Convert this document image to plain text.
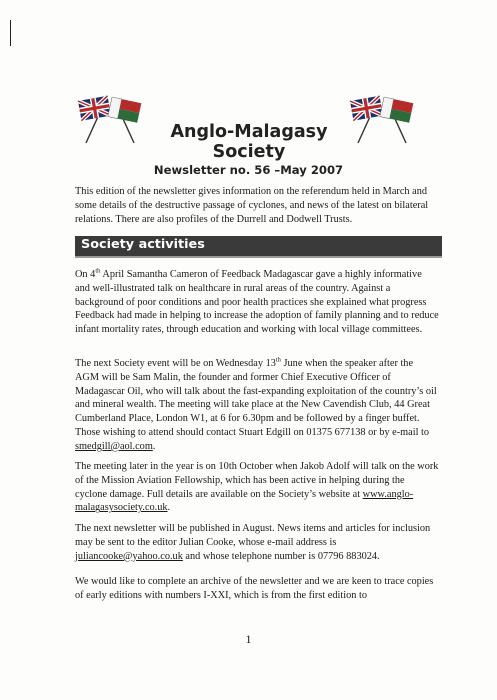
Anglo-Malagasy Society
Newsletter no. 56 –May 2007

This edition of the newsletter gives information on the referendum held in March and some details of the destructive passage of cyclones, and news of the latest on bilateral relations. There are also profiles of the Durrell and Dodwell Trusts.

Society activities

On 4th April Samantha Cameron of Feedback Madagascar gave a highly informative and well-illustrated talk on healthcare in rural areas of the country. Against a background of poor conditions and poor health practices she explained what progress Feedback had made in helping to increase the adoption of family planning and to reduce infant mortality rates, through education and working with local village committees.

The next Society event will be on Wednesday 13th June when the speaker after the AGM will be Sam Malin, the founder and former Chief Executive Officer of Madagascar Oil, who will talk about the fast-expanding exploitation of the country’s oil and mineral wealth. The meeting will take place at the New Cavendish Club, 44 Great Cumberland Place, London W1, at 6 for 6.30pm and be followed by a finger buffet. Those wishing to attend should contact Stuart Edgill on 01375 677138 or by e-mail to smedgill@aol.com.

The meeting later in the year is on 10th October when Jakob Adolf will talk on the work of the Mission Aviation Fellowship, which has been active in helping during the cyclone damage. Full details are available on the Society’s website at www.anglo-malagasysociety.co.uk.

The next newsletter will be published in August. News items and articles for inclusion may be sent to the editor Julian Cooke, whose e-mail address is juliancooke@yahoo.co.uk and whose telephone number is 07796 883024.

We would like to complete an archive of the newsletter and we are keen to trace copies of early editions with numbers I-XXI, which is from the first edition to

1
